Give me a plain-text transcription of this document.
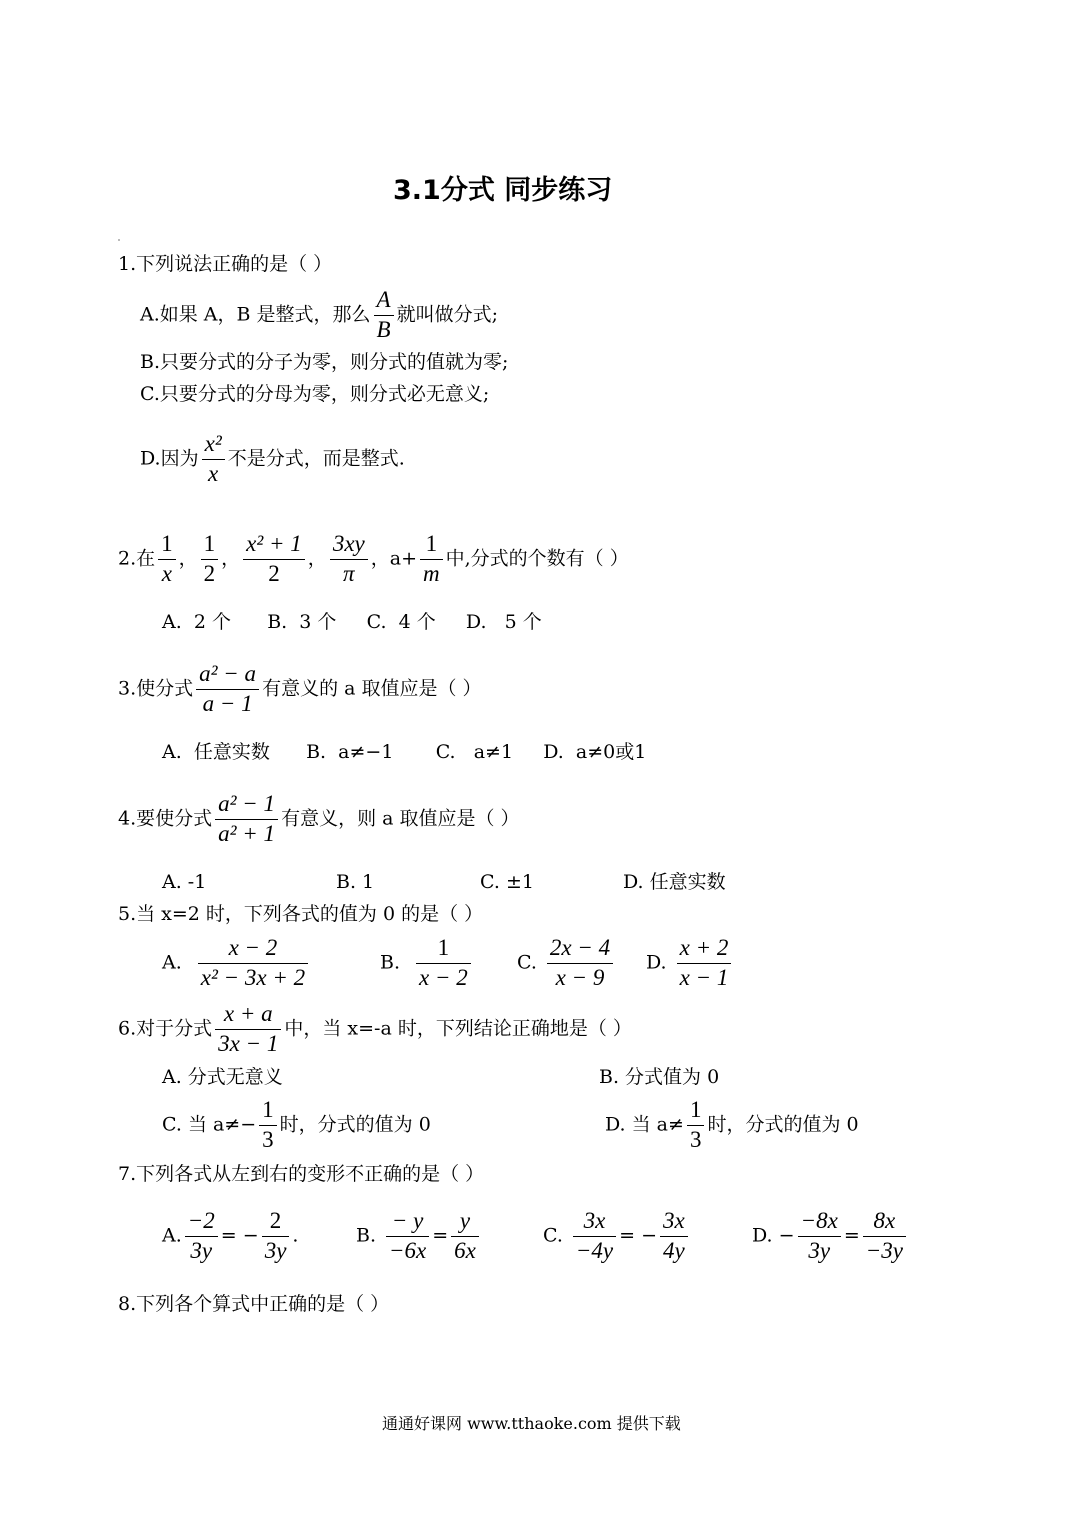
3.1分式 同步练习
1.下列说法正确的是（ ）
A.如果 A，B 是整式，那么 $\frac{A}{B}$ 就叫做分式;
B.只要分式的分子为零，则分式的值就为零;
C.只要分式的分母为零，则分式必无意义;
D.因为 $\frac{\text{x²}}{x}$ 不是分式，而是整式.
2.在 $\frac{1}{x}$ ， $\frac{1}{2}$ ， $\frac{\text{x² + 1}}{2}$ ， $\frac{3xy}{\pi}$ ，$a+ \frac{1}{m}$ 中,分式的个数有（ ）
A.  2 个      B.  3 个     C.  4 个     D.   5 个
3.使分式 $\frac{\text{a² − a}}{a - 1}$ 有意义的 a 取值应是（ ）
A.  任意实数      B.  a≠−1       C.   a≠1     D.  a≠0或1
4.要使分式 $\frac{\text{a² − 1}}{\text{a² + 1}}$ 有意义，则 a 取值应是（ ）
A. -1	B. 1	C. ±1	D. 任意实数
5.当 x=2 时，下列各式的值为 0 的是（ ）
A. $\frac{x - 2}{\text{x² − 3x + 2}}$	B. $\frac{1}{x - 2} C$. $\frac{2x - 4}{x - 9} D$. $\frac{x + 2}{x - 1}$
6.对于分式 $\frac{x + a}{3x - 1}$ 中，当 x=-a 时，下列结论正确地是（ ）
A. 分式无意义	B. 分式值为 0
C. 当 $a\ne- \frac{1}{3}$ 时，分式的值为 0	D. 当 $a\ne \frac{1}{3}$ 时，分式的值为 0
7.下列各式从左到右的变形不正确的是（ ）
A. $\frac{-2}{3y}$ = − $\frac{2}{3y}$ .	B. $\frac{- y}{-6x} = \frac{y}{6x}$	C. $\frac{3x}{-4y}$ = − $\frac{3x}{4y}$	D. − $\frac{-8x}{3y} = \frac{8x}{-3y}$
8.下列各个算式中正确的是（ ）
通通好课网 www.tthaoke.com 提供下载
